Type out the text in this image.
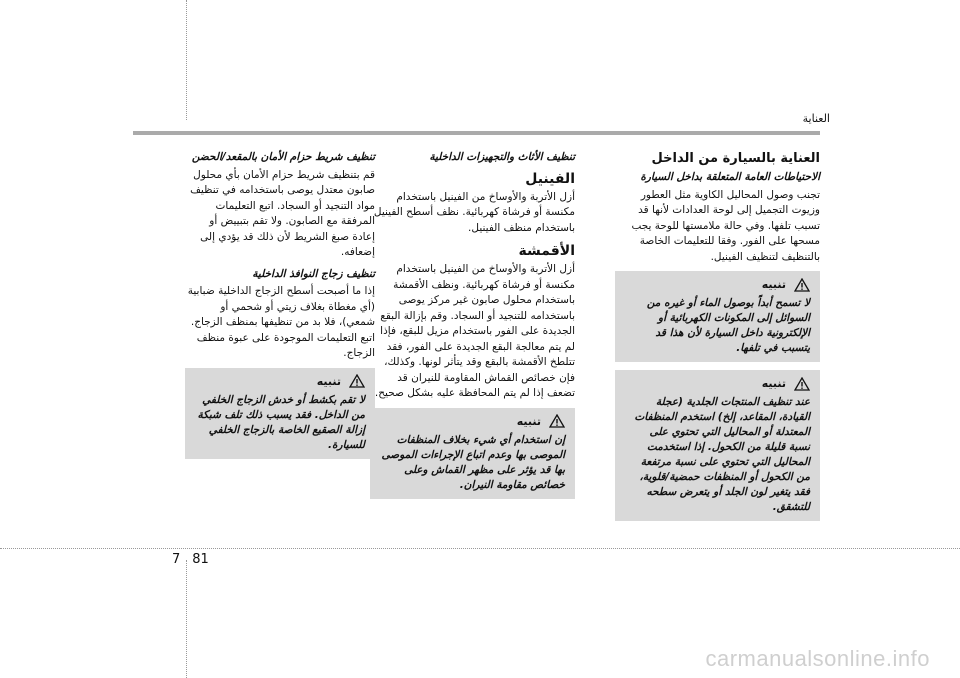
العناية
العناية بالسيارة من الداخل
الاحتياطات العامة المتعلقة بداخل السيارة

تجنب وصول المحاليل الكاوية مثل العطور وزيوت التجميل إلى لوحة العدادات لأنها قد تسبب تلفها. وفي حالة ملامستها للوحة يجب مسحها على الفور. وفقا للتعليمات الخاصة بالتنظيف لتنظيف الفينيل.

تنبيه
لا تسمح أبداً بوصول الماء أو غيره من السوائل إلى المكونات الكهربائية أو الإلكترونية داخل السيارة لأن هذا قد يتسبب في تلفها.
تنبيه
عند تنظيف المنتجات الجلدية (عجلة القيادة، المقاعد، إلخ) استخدم المنظفات المعتدلة أو المحاليل التي تحتوي على نسبة قليلة من الكحول. إذا استخدمت المحاليل التي تحتوي على نسبة مرتفعة من الكحول أو المنظفات حمضية/قلوية، فقد يتغير لون الجلد أو يتعرض سطحه للتشقق.
تنظيف الأثاث والتجهيزات الداخلية
الفينيل

أزل الأتربة والأوساخ من الفينيل باستخدام مكنسة أو فرشاة كهربائية. نظف أسطح الفينيل باستخدام منظف الفينيل.

الأقمشة

أزل الأتربة والأوساخ من الفينيل باستخدام مكنسة أو فرشاة كهربائية. ونظف الأقمشة باستخدام محلول صابون غير مركز يوصى باستخدامه للتنجيد أو السجاد. وقم بإزالة البقع الجديدة على الفور باستخدام مزيل للبقع، فإذا لم يتم معالجة البقع الجديدة على الفور، فقد تتلطخ الأقمشة بالبقع وقد يتأثر لونها. وكذلك، فإن خصائص القماش المقاومة للنيران قد تضعف إذا لم يتم المحافظة عليه بشكل صحيح.

تنبيه
إن استخدام أي شيء بخلاف المنظفات الموصى بها وعدم اتباع الإجراءات الموصى بها قد يؤثر على مظهر القماش وعلى خصائص مقاومة النيران.
تنظيف شريط حزام الأمان بالمقعد/الحضن

قم بتنظيف شريط حزام الأمان بأي محلول صابون معتدل يوصى باستخدامه في تنظيف مواد التنجيد أو السجاد. اتبع التعليمات المرفقة مع الصابون. ولا تقم بتبييض أو إعادة صبغ الشريط لأن ذلك قد يؤدي إلى إضعافه.

تنظيف زجاج النوافذ الداخلية

إذا ما أصبحت أسطح الزجاج الداخلية ضبابية (أي مغطاة بغلاف زيتي أو شحمي أو شمعي)، فلا بد من تنظيفها بمنظف الزجاج. اتبع التعليمات الموجودة على عبوة منظف الزجاج.

تنبيه
لا تقم بكشط أو خدش الزجاج الخلفي من الداخل. فقد يسبب ذلك تلف شبكة إزالة الصقيع الخاصة بالزجاج الخلفي للسيارة.
7 81
carmanualsonline.info
